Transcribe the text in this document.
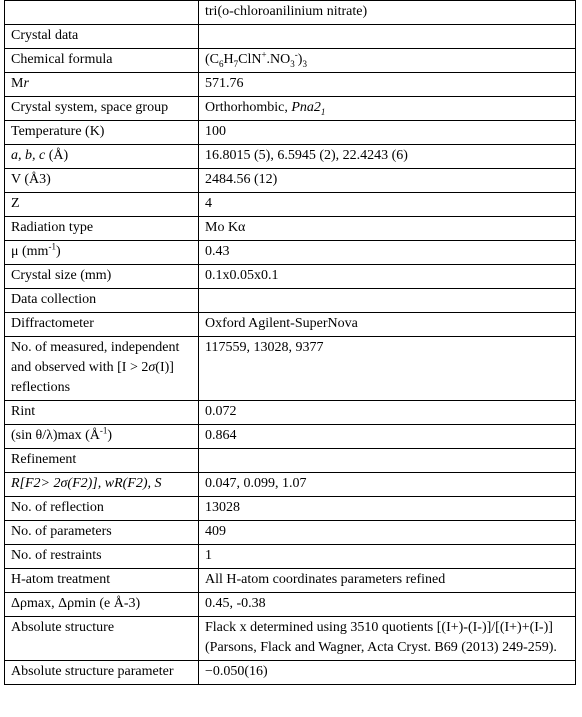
	tri(o-chloroanilinium nitrate)
Crystal data	
Chemical formula	$(C_6H_7ClN^+.NO_3^-)_3$
Mr	571.76
Crystal system, space group	Orthorhombic, $Pna2_1$
Temperature (K)	100
a, b, c (Å)	16.8015 (5), 6.5945 (2), 22.4243 (6)
V (Å3)	2484.56 (12)
Z	4
Radiation type	Mo Kα
μ $(mm^{-1})$	0.43
Crystal size (mm)	0.1x0.05x0.1
Data collection	
Diffractometer	Oxford Agilent-SuperNova
No. of measured, independent and observed with [I > 2σ(I)] reflections	117559, 13028, 9377
Rint	0.072
(sin θ/λ)max $(Å^{-1})$	0.864
Refinement	
R[F2> 2σ(F2)], wR(F2), S	0.047, 0.099, 1.07
No. of reflection	13028
No. of parameters	409
No. of restraints	1
H-atom treatment	All H-atom coordinates parameters refined
Δρmax, Δρmin (e Å-3)	0.45, -0.38
Absolute structure	Flack x determined using 3510 quotients [(I+)-(I-)]/[(I+)+(I-)] (Parsons, Flack and Wagner, Acta Cryst. B69 (2013) 249-259).
Absolute structure parameter	−0.050(16)
